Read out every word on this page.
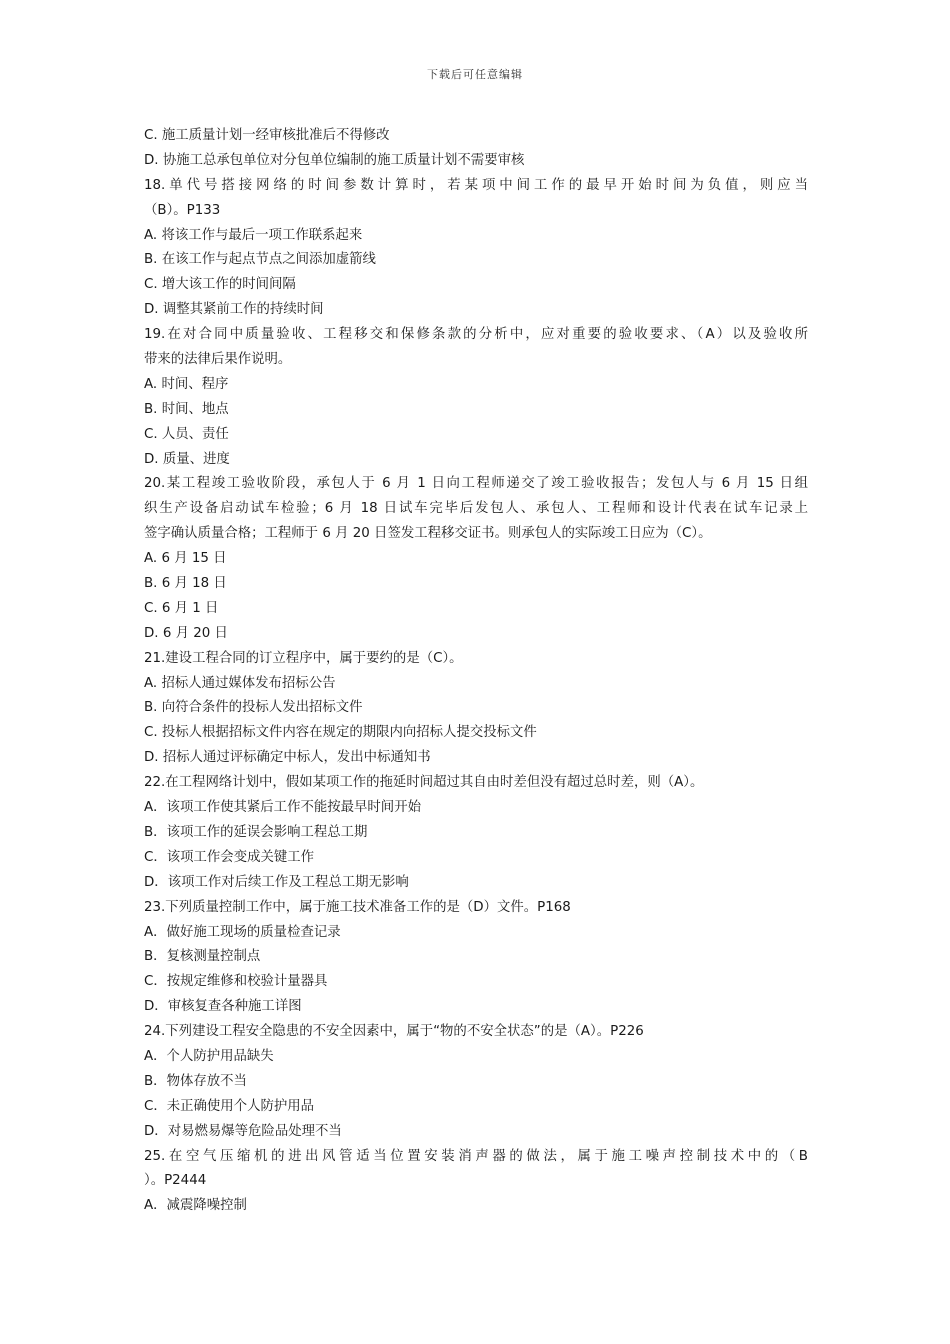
下载后可任意编辑
C. 施工质量计划一经审核批准后不得修改
D. 协施工总承包单位对分包单位编制的施工质量计划不需要审核
18.单代号搭接网络的时间参数计算时，若某项中间工作的最早开始时间为负值，则应当
（B）。P133
A. 将该工作与最后一项工作联系起来
B. 在该工作与起点节点之间添加虚箭线
C. 增大该工作的时间间隔
D. 调整其紧前工作的持续时间
19.在对合同中质量验收、工程移交和保修条款的分析中，应对重要的验收要求、（A）以及验收所
带来的法律后果作说明。
A. 时间、程序
B. 时间、地点
C. 人员、责任
D. 质量、进度
20.某工程竣工验收阶段，承包人于 6 月 1 日向工程师递交了竣工验收报告；发包人与 6 月 15 日组
织生产设备启动试车检验；6 月 18 日试车完毕后发包人、承包人、工程师和设计代表在试车记录上
签字确认质量合格；工程师于 6 月 20 日签发工程移交证书。则承包人的实际竣工日应为（C）。
A. 6 月 15 日
B. 6 月 18 日
C. 6 月 1 日
D. 6 月 20 日
21.建设工程合同的订立程序中，属于要约的是（C）。
A. 招标人通过媒体发布招标公告
B. 向符合条件的投标人发出招标文件
C. 投标人根据招标文件内容在规定的期限内向招标人提交投标文件
D. 招标人通过评标确定中标人，发出中标通知书
22.在工程网络计划中，假如某项工作的拖延时间超过其自由时差但没有超过总时差，则（A）。
A．该项工作使其紧后工作不能按最早时间开始
B．该项工作的延误会影响工程总工期
C．该项工作会变成关键工作
D．该项工作对后续工作及工程总工期无影响
23.下列质量控制工作中，属于施工技术准备工作的是（D）文件。P168
A．做好施工现场的质量检查记录
B．复核测量控制点
C．按规定维修和校验计量器具
D．审核复查各种施工详图
24.下列建设工程安全隐患的不安全因素中，属于“物的不安全状态”的是（A）。P226
A．个人防护用品缺失
B．物体存放不当
C．未正确使用个人防护用品
D．对易燃易爆等危险品处理不当
25.在空气压缩机的进出风管适当位置安装消声器的做法，属于施工噪声控制技术中的（B
）。P2444
A．减震降噪控制
